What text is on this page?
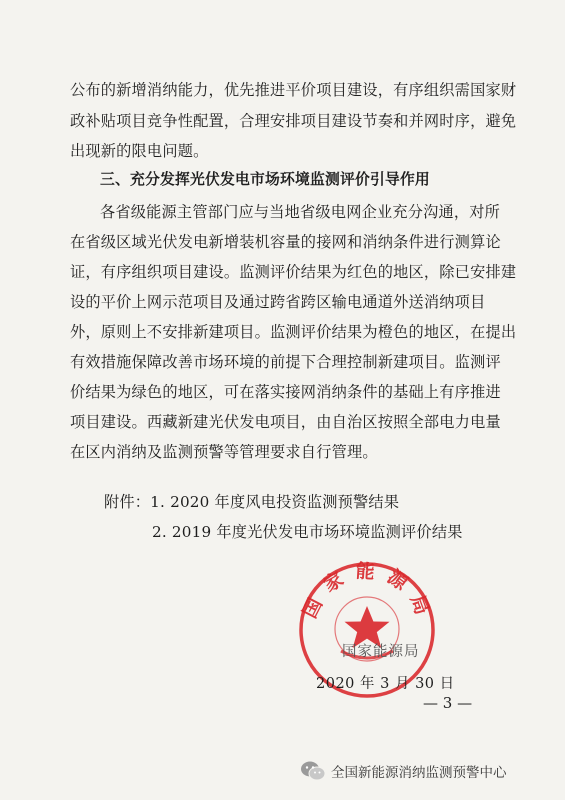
公布的新增消纳能力，优先推进平价项目建设，有序组织需国家财
政补贴项目竞争性配置，合理安排项目建设节奏和并网时序，避免
出现新的限电问题。
三、充分发挥光伏发电市场环境监测评价引导作用
各省级能源主管部门应与当地省级电网企业充分沟通，对所
在省级区域光伏发电新增装机容量的接网和消纳条件进行测算论
证，有序组织项目建设。监测评价结果为红色的地区，除已安排建
设的平价上网示范项目及通过跨省跨区输电通道外送消纳项目
外，原则上不安排新建项目。监测评价结果为橙色的地区，在提出
有效措施保障改善市场环境的前提下合理控制新建项目。监测评
价结果为绿色的地区，可在落实接网消纳条件的基础上有序推进
项目建设。西藏新建光伏发电项目，由自治区按照全部电力电量
在区内消纳及监测预警等管理要求自行管理。
附件：1. 2020 年度风电投资监测预警结果
2. 2019 年度光伏发电市场环境监测评价结果
国家能源局
国家能源局
2020 年 3 月 30 日
— 3 —
全国新能源消纳监测预警中心
